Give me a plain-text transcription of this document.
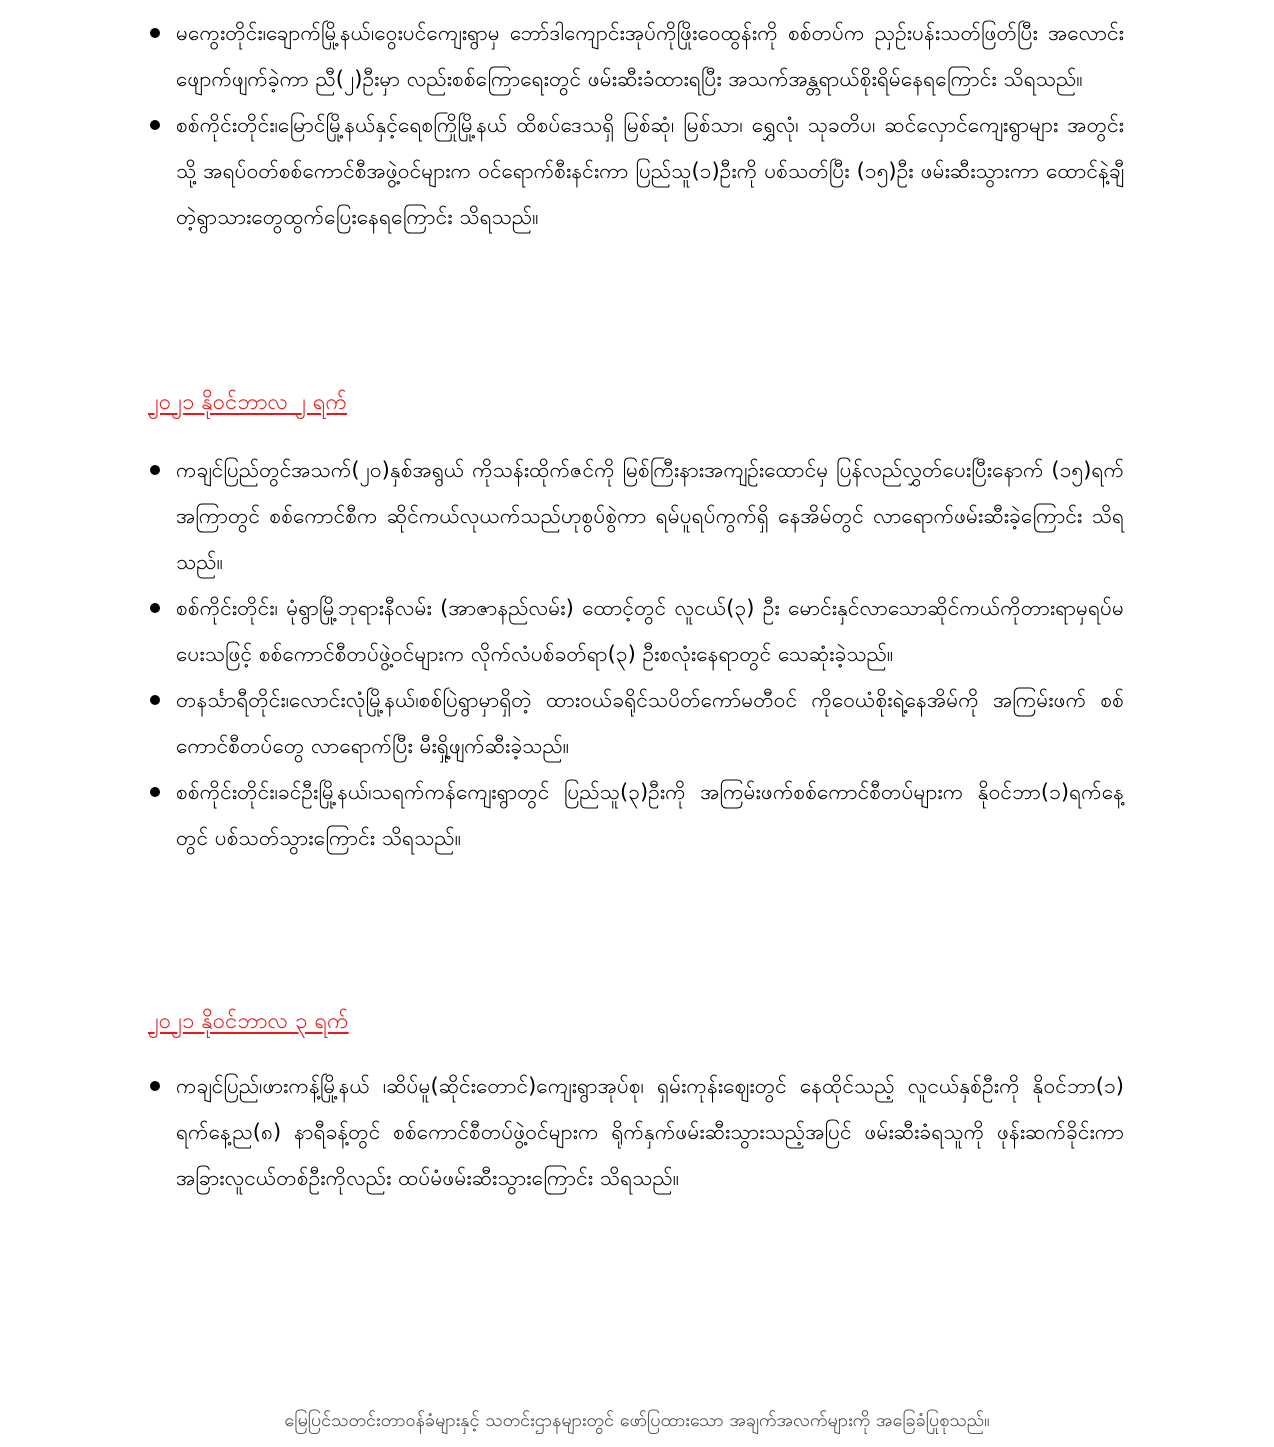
မကွေးတိုင်း၊ချောက်မြို့နယ်၊ဝွေးပင်ကျေးရွာမှ ဘော်ဒါကျောင်းအုပ်ကိုဖြိုးဝေထွန်းကို စစ်တပ်က ညှဥ်းပန်းသတ်ဖြတ်ပြီး အလောင်းဖျောက်ဖျက်ခဲ့ကာ ညီ(၂)ဦးမှာ လည်းစစ်ကြောရေးတွင် ဖမ်းဆီးခံထားရပြီး အသက်အန္တရာယ်စိုးရိမ်နေရကြောင်း သိရသည်။
စစ်ကိုင်းတိုင်း၊မြောင်မြို့နယ်နှင့်ရေစကြိုမြို့နယ် ထိစပ်ဒေသရှိ မြစ်ဆုံ၊ မြစ်သာ၊ ရွှေလုံ၊ သုခတိပ၊ ဆင်လှောင်ကျေးရွာများ အတွင်းသို့ အရပ်ဝတ်စစ်ကောင်စီအဖွဲ့ဝင်များက ဝင်ရောက်စီးနင်းကာ ပြည်သူ(၁)ဦးကို ပစ်သတ်ပြီး (၁၅)ဦး ဖမ်းဆီးသွားကာ ထောင်နဲ့ချီတဲ့ရွာသားတွေထွက်ပြေးနေရကြောင်း သိရသည်။
၂၀၂၁ နိုဝင်ဘာလ ၂ ရက်
ကချင်ပြည်တွင်အသက်(၂၀)နှစ်အရွယ် ကိုသန်းထိုက်ဇင်ကို မြစ်ကြီးနားအကျဥ်းထောင်မှ ပြန်လည်လွှတ်ပေးပြီးနောက် (၁၅)ရက်အကြာတွင် စစ်ကောင်စီက ဆိုင်ကယ်လုယက်သည်ဟုစွပ်စွဲကာ ရမ်ပူရပ်ကွက်ရှိ နေအိမ်တွင် လာရောက်ဖမ်းဆီးခဲ့ကြောင်း သိရသည်။
စစ်ကိုင်းတိုင်း၊ မုံရွာမြို့ဘုရားနီလမ်း (အာဇာနည်လမ်း) ထောင့်တွင် လူငယ်(၃) ဦး မောင်းနှင်လာသောဆိုင်ကယ်ကိုတားရာမှရပ်မပေးသဖြင့် စစ်ကောင်စီတပ်ဖွဲ့ဝင်များက လိုက်လံပစ်ခတ်ရာ(၃) ဦးစလုံးနေရာတွင် သေဆုံးခဲ့သည်။
တနင်္သာရီတိုင်း၊လောင်းလုံမြို့နယ်၊စစ်ပြဲရွာမှာရှိတဲ့ ထားဝယ်ခရိုင်သပိတ်ကော်မတီဝင် ကိုဝေယံစိုးရဲ့နေအိမ်ကို အကြမ်းဖက် စစ်ကောင်စီတပ်တွေ လာရောက်ပြီး မီးရှို့ဖျက်ဆီးခဲ့သည်။
စစ်ကိုင်းတိုင်း၊ခင်ဦးမြို့နယ်၊သရက်ကန်ကျေးရွာတွင် ပြည်သူ(၃)ဦးကို အကြမ်းဖက်စစ်ကောင်စီတပ်များက နိုဝင်ဘာ(၁)ရက်နေ့တွင် ပစ်သတ်သွားကြောင်း သိရသည်။
၂၀၂၁ နိုဝင်ဘာလ ၃ ရက်
ကချင်ပြည်၊ဖားကန့်မြို့နယ် ၊ဆိပ်မူ(ဆိုင်းတောင်)ကျေးရွာအုပ်စု၊ ရှမ်းကုန်းဈေးတွင် နေထိုင်သည့် လူငယ်နှစ်ဦးကို နိုဝင်ဘာ(၁) ရက်နေ့ည(၈) နာရီခန့်တွင် စစ်ကောင်စီတပ်ဖွဲ့ဝင်များက ရိုက်နှက်ဖမ်းဆီးသွားသည့်အပြင် ဖမ်းဆီးခံရသူကို ဖုန်းဆက်ခိုင်းကာ အခြားလူငယ်တစ်ဦးကိုလည်း ထပ်မံဖမ်းဆီးသွားကြောင်း သိရသည်။
မြေပြင်သတင်းတာဝန်ခံများနှင့် သတင်းဌာနများတွင် ဖော်ပြထားသော အချက်အလက်များကို အခြေခံပြုစုသည်။
